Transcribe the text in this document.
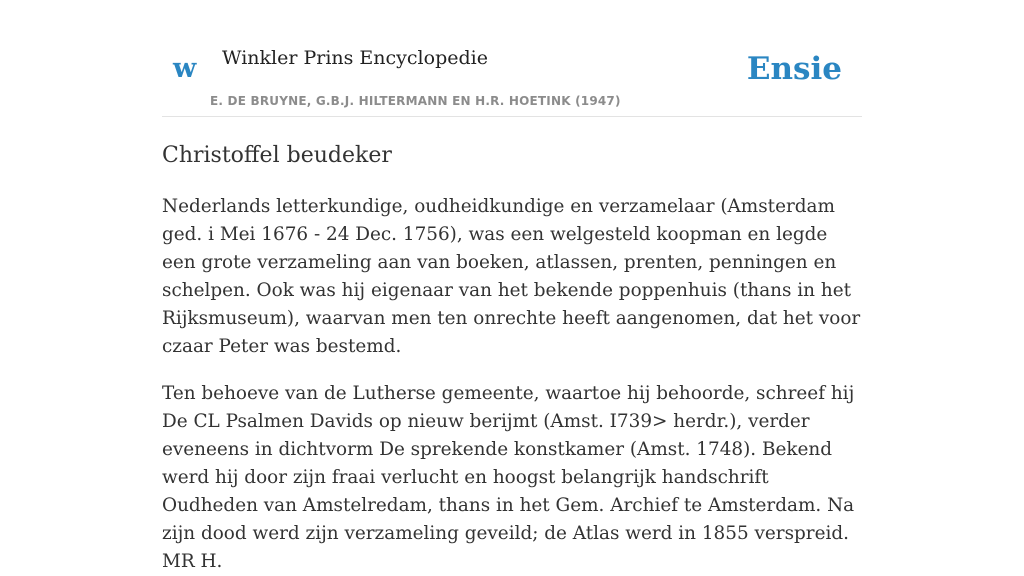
w Winkler Prins Encyclopedie
E. DE BRUYNE, G.B.J. HILTERMANN EN H.R. HOETINK (1947)
Ensie
Christoffel beudeker

Nederlands letterkundige, oudheidkundige en verzamelaar (Amsterdam ged. i Mei 1676 - 24 Dec. 1756), was een welgesteld koopman en legde een grote verzameling aan van boeken, atlassen, prenten, penningen en schelpen. Ook was hij eigenaar van het bekende poppenhuis (thans in het Rijksmuseum), waarvan men ten onrechte heeft aangenomen, dat het voor czaar Peter was bestemd.

Ten behoeve van de Lutherse gemeente, waartoe hij behoorde, schreef hij De CL Psalmen Davids op nieuw berijmt (Amst. I739> herdr.), verder eveneens in dichtvorm De sprekende konstkamer (Amst. 1748). Bekend werd hij door zijn fraai verlucht en hoogst belangrijk handschrift Oudheden van Amstelredam, thans in het Gem. Archief te Amsterdam. Na zijn dood werd zijn verzameling geveild; de Atlas werd in 1855 verspreid. MR H.
